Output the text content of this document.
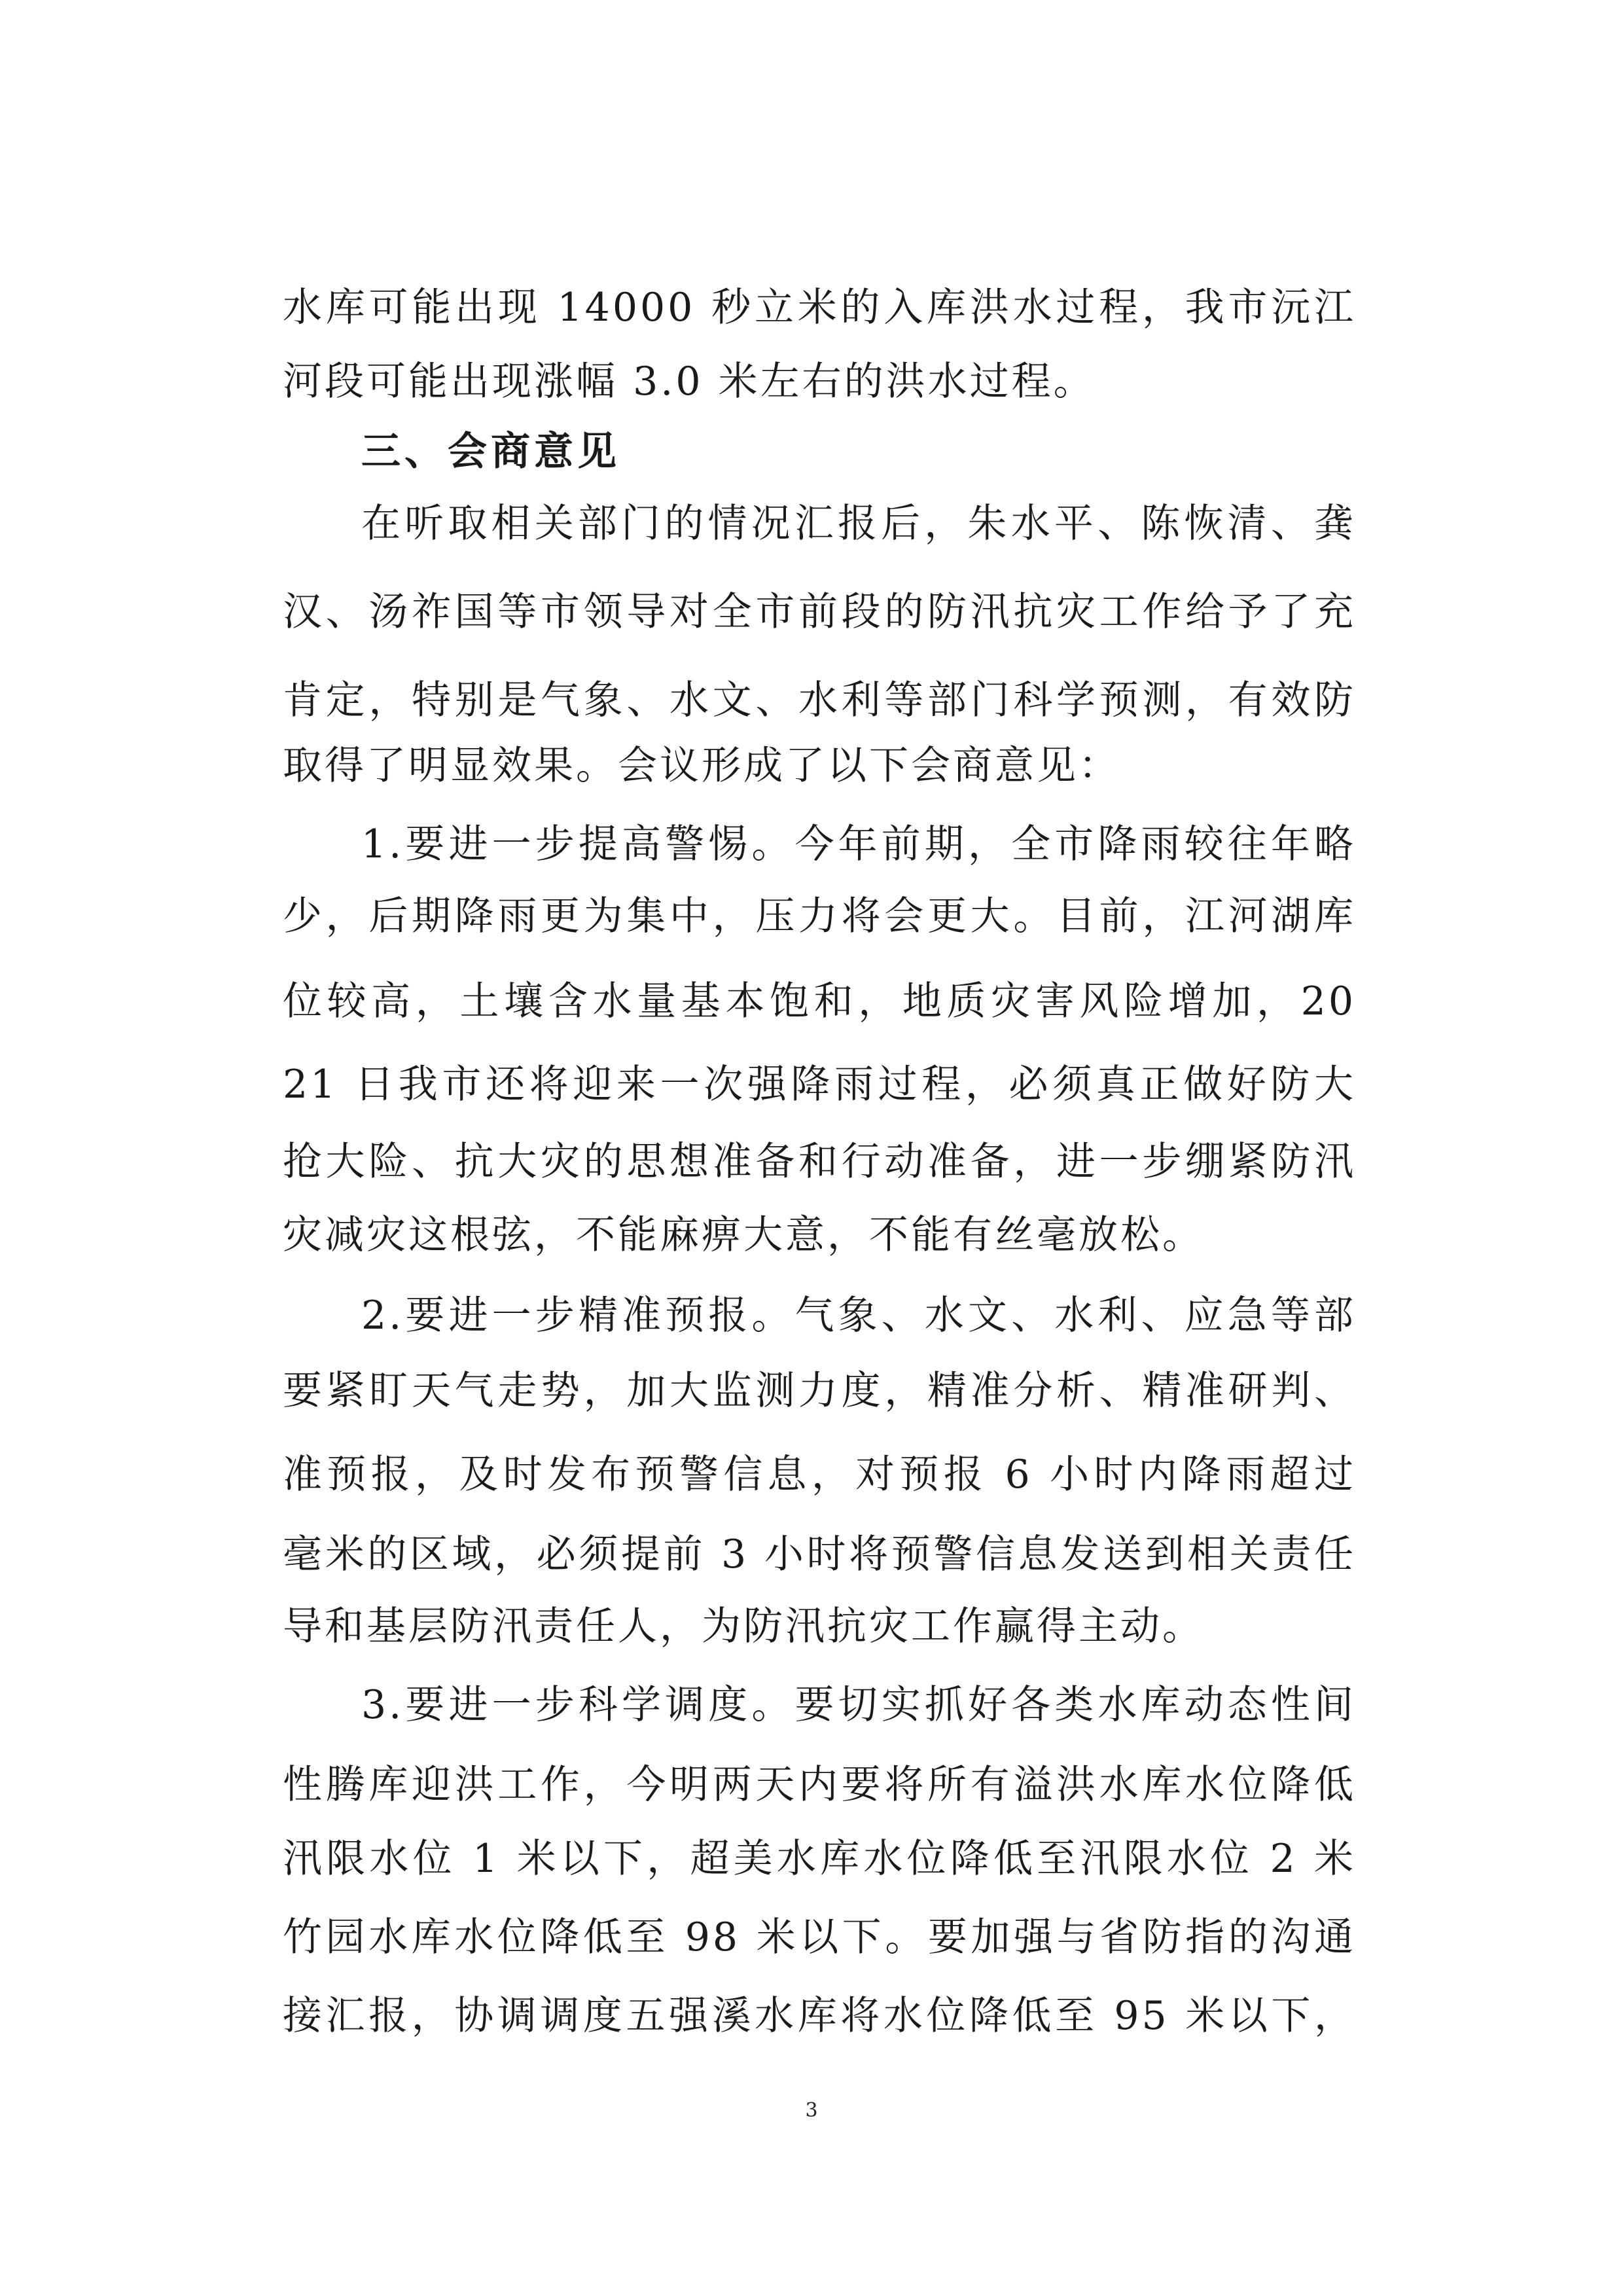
水库可能出现 14000 秒立米的入库洪水过程，我市沅江
河段可能出现涨幅 3.0 米左右的洪水过程。
三、会商意见
在听取相关部门的情况汇报后，朱水平、陈恢清、龚
汉、汤祚国等市领导对全市前段的防汛抗灾工作给予了充
肯定，特别是气象、水文、水利等部门科学预测，有效防
取得了明显效果。会议形成了以下会商意见：
1.要进一步提高警惕。今年前期，全市降雨较往年略
少，后期降雨更为集中，压力将会更大。目前，江河湖库
位较高，土壤含水量基本饱和，地质灾害风险增加，20
21 日我市还将迎来一次强降雨过程，必须真正做好防大
抢大险、抗大灾的思想准备和行动准备，进一步绷紧防汛
灾减灾这根弦，不能麻痹大意，不能有丝毫放松。
2.要进一步精准预报。气象、水文、水利、应急等部
要紧盯天气走势，加大监测力度，精准分析、精准研判、
准预报，及时发布预警信息，对预报 6 小时内降雨超过
毫米的区域，必须提前 3 小时将预警信息发送到相关责任
导和基层防汛责任人，为防汛抗灾工作赢得主动。
3.要进一步科学调度。要切实抓好各类水库动态性间
性腾库迎洪工作，今明两天内要将所有溢洪水库水位降低
汛限水位 1 米以下，超美水库水位降低至汛限水位 2 米
竹园水库水位降低至 98 米以下。要加强与省防指的沟通
接汇报，协调调度五强溪水库将水位降低至 95 米以下，
3
